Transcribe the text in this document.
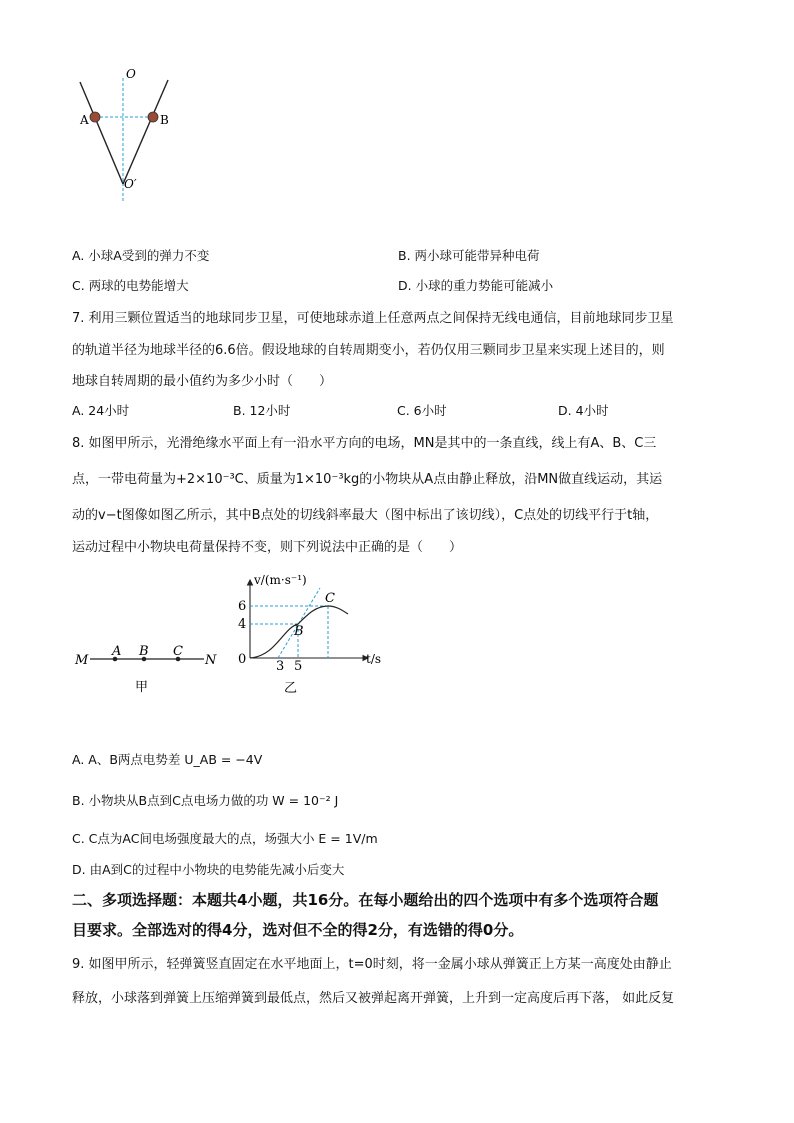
O
A	B
O′
A. 小球A受到的弹力不变	B. 两小球可能带异种电荷
C. 两球的电势能增大	D. 小球的重力势能可能减小
7. 利用三颗位置适当的地球同步卫星，可使地球赤道上任意两点之间保持无线电通信，目前地球同步卫星
的轨道半径为地球半径的6.6倍。假设地球的自转周期变小，若仍仅用三颗同步卫星来实现上述目的，则
地球自转周期的最小值约为多少小时（　　）
A. 24小时	B. 12小时	C. 6小时	D. 4小时
8. 如图甲所示，光滑绝缘水平面上有一沿水平方向的电场，MN是其中的一条直线，线上有A、B、C三
点，一带电荷量为+2×10⁻³C、质量为1×10⁻³kg的小物块从A点由静止释放，沿MN做直线运动，其运
动的v−t图像如图乙所示，其中B点处的切线斜率最大（图中标出了该切线），C点处的切线平行于t轴，
运动过程中小物块电荷量保持不变，则下列说法中正确的是（　　）
M
A B C
N
甲
v/(m·s⁻¹)
t/s
6
4
0 3 5
B
C
乙
A. A、B两点电势差 U_AB = −4V
B. 小物块从B点到C点电场力做的功 W = 10⁻² J
C. C点为AC间电场强度最大的点，场强大小 E = 1V/m
D. 由A到C的过程中小物块的电势能先减小后变大
二、多项选择题：本题共4小题，共16分。在每小题给出的四个选项中有多个选项符合题
目要求。全部选对的得4分，选对但不全的得2分，有选错的得0分。
9. 如图甲所示，轻弹簧竖直固定在水平地面上，t=0时刻，将一金属小球从弹簧正上方某一高度处由静止
释放，小球落到弹簧上压缩弹簧到最低点，然后又被弹起离开弹簧，上升到一定高度后再下落， 如此反复
